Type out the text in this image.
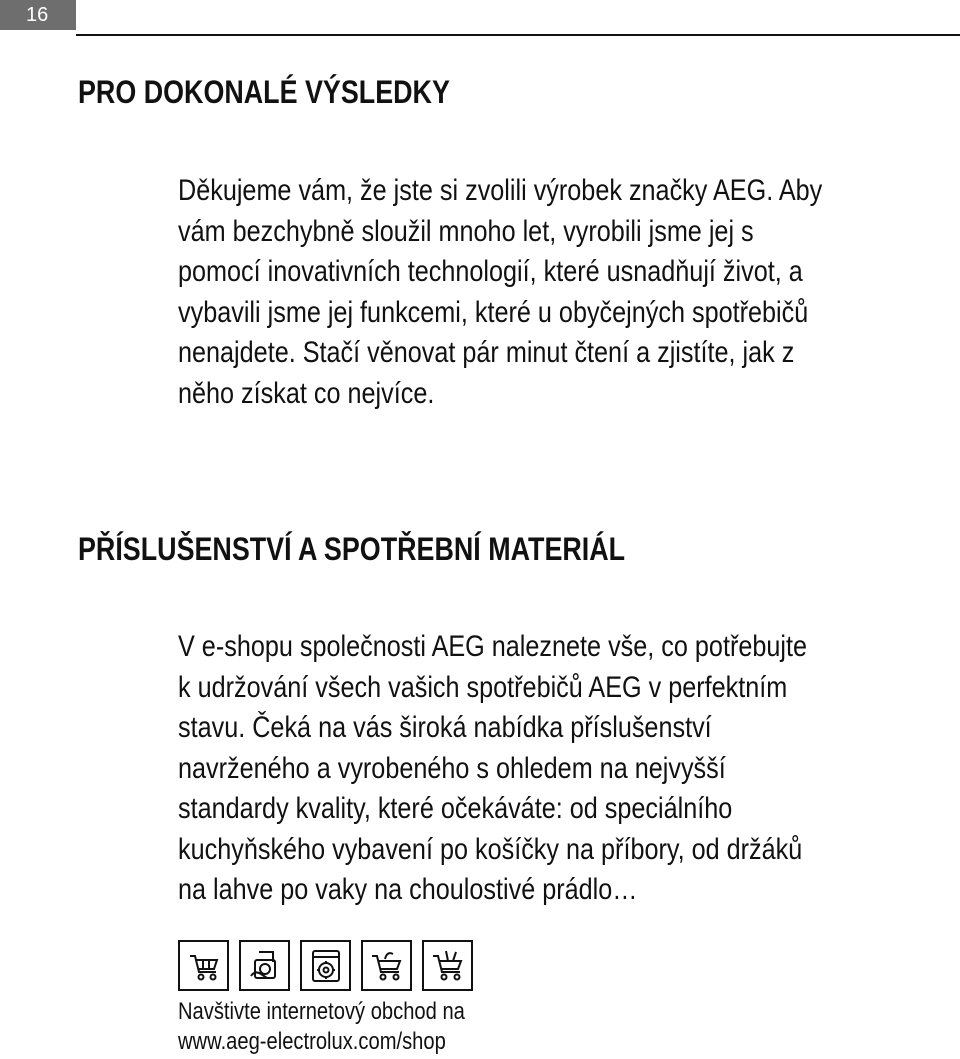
16
PRO DOKONALÉ VÝSLEDKY
Děkujeme vám, že jste si zvolili výrobek značky AEG. Aby
vám bezchybně sloužil mnoho let, vyrobili jsme jej s
pomocí inovativních technologií, které usnadňují život, a
vybavili jsme jej funkcemi, které u obyčejných spotřebičů
nenajdete. Stačí věnovat pár minut čtení a zjistíte, jak z
něho získat co nejvíce.
PŘÍSLUŠENSTVÍ A SPOTŘEBNÍ MATERIÁL
V e-shopu společnosti AEG naleznete vše, co potřebujte
k udržování všech vašich spotřebičů AEG v perfektním
stavu. Čeká na vás široká nabídka příslušenství
navrženého a vyrobeného s ohledem na nejvyšší
standardy kvality, které očekáváte: od speciálního
kuchyňského vybavení po košíčky na příbory, od držáků
na lahve po vaky na choulostivé prádlo…
Navštivte internetový obchod na
www.aeg-electrolux.com/shop
